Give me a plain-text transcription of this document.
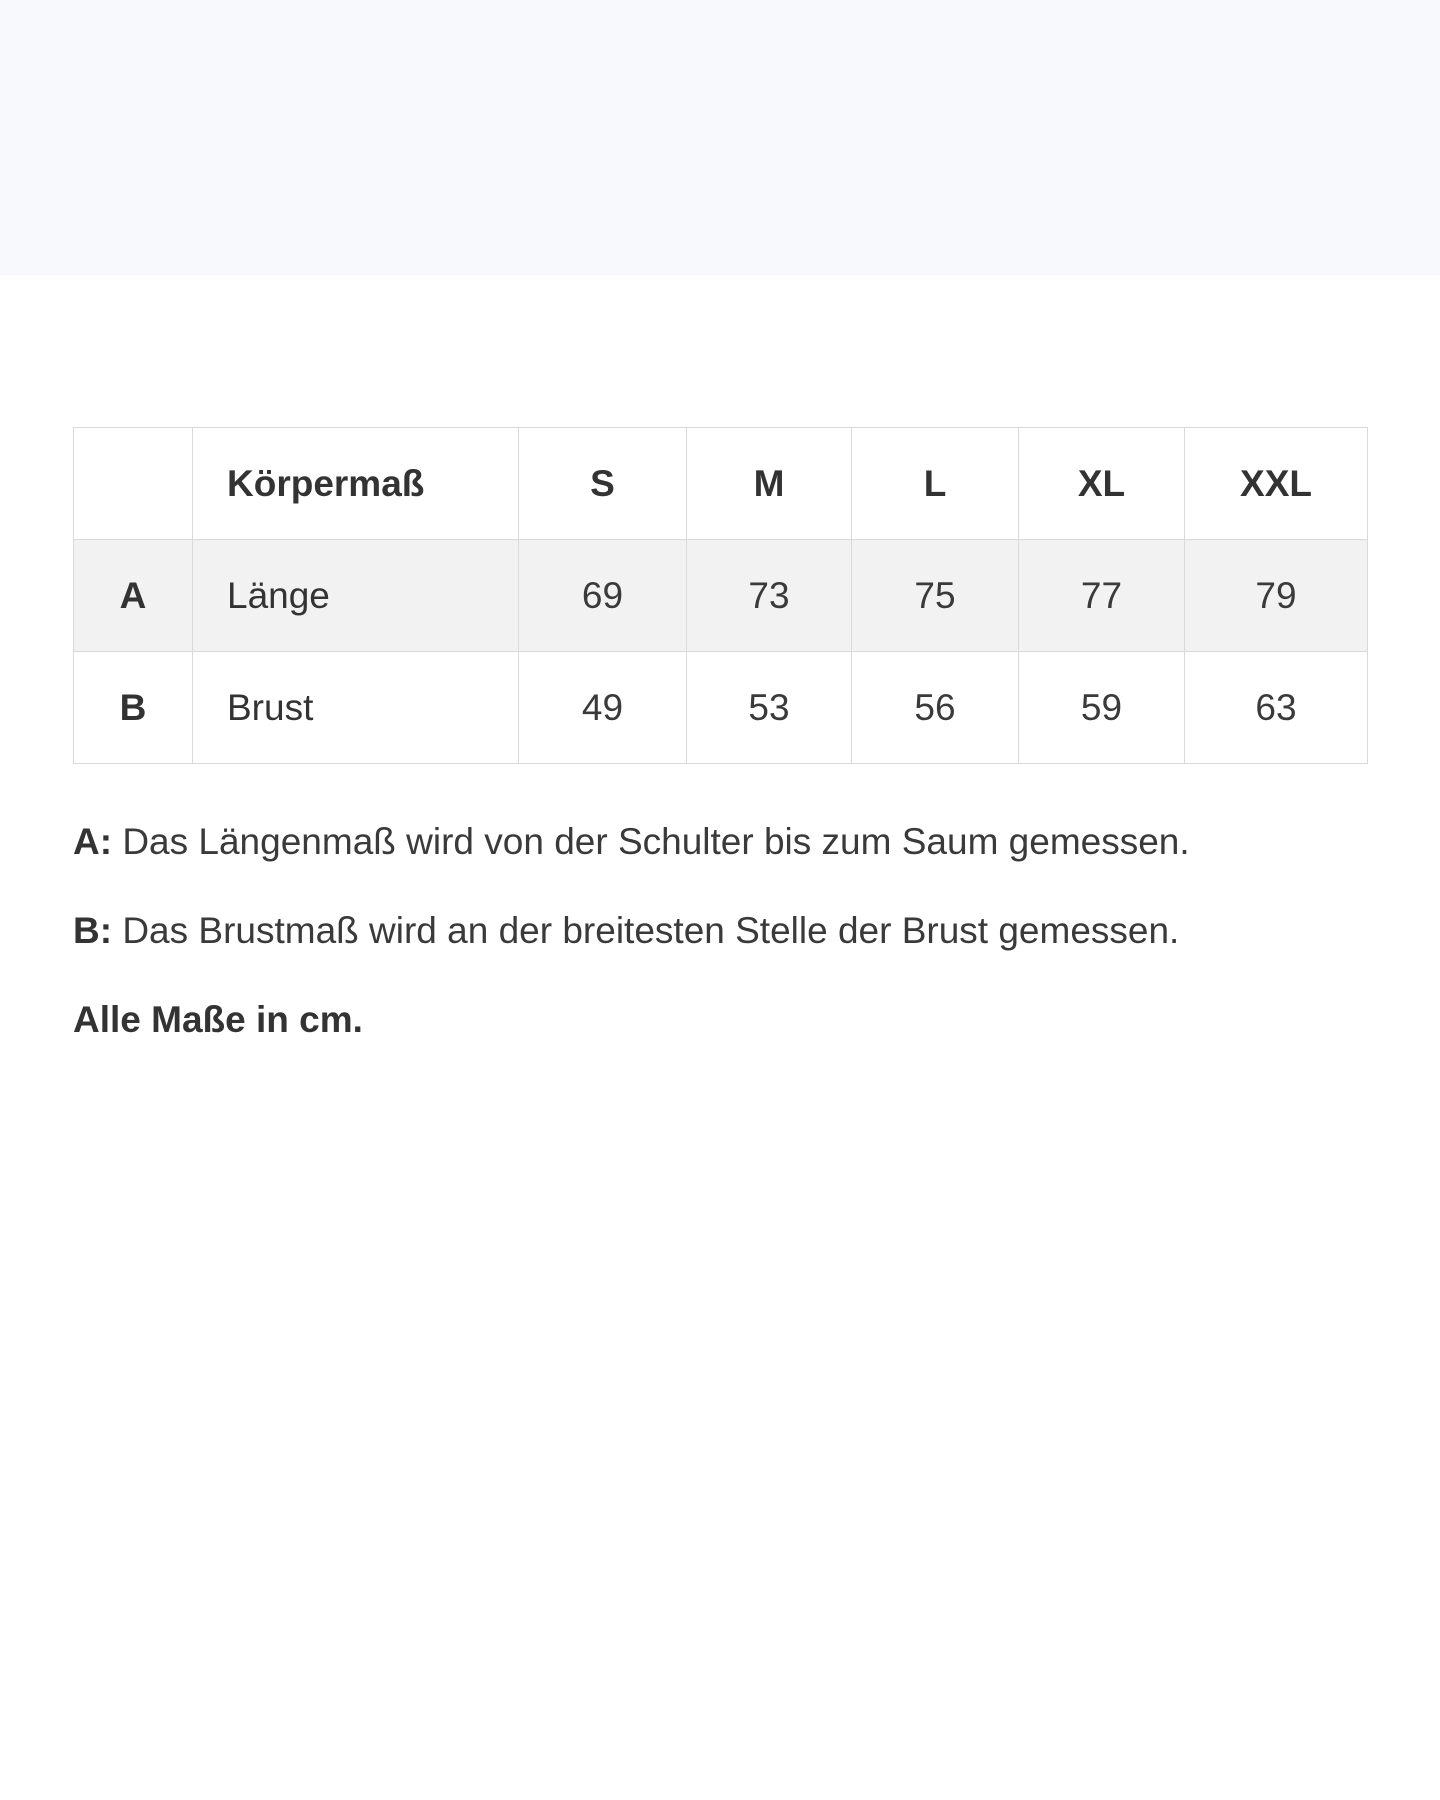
	Körpermaß	S	M	L	XL	XXL
A	Länge	69	73	75	77	79
B	Brust	49	53	56	59	63
A: Das Längenmaß wird von der Schulter bis zum Saum gemessen.
B: Das Brustmaß wird an der breitesten Stelle der Brust gemessen.
Alle Maße in cm.
